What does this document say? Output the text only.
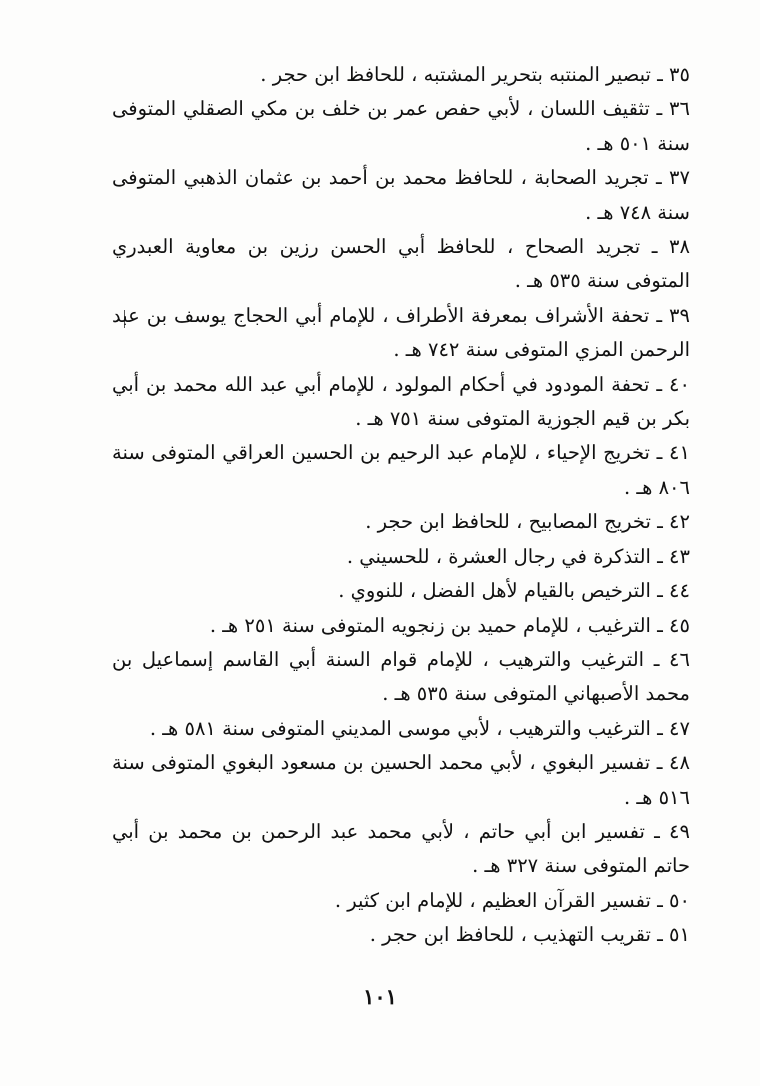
٣٥ ـ تبصير المنتبه بتحرير المشتبه ، للحافظ ابن حجر .

٣٦ ـ تثقيف اللسان ، لأبي حفص عمر بن خلف بن مكي الصقلي المتوفى سنة ٥٠١ هـ .

٣٧ ـ تجريد الصحابة ، للحافظ محمد بن أحمد بن عثمان الذهبي المتوفى سنة ٧٤٨ هـ .

٣٨ ـ تجريد الصحاح ، للحافظ أبي الحسن رزين بن معاوية العبدري المتوفى سنة ٥٣٥ هـ .

٣٩ ـ تحفة الأشراف بمعرفة الأطراف ، للإمام أبي الحجاج يوسف بن عبد الرحمن المزي المتوفى سنة ٧٤٢ هـ .

٤٠ ـ تحفة المودود في أحكام المولود ، للإمام أبي عبد الله محمد بن أبي بكر بن قيم الجوزية المتوفى سنة ٧٥١ هـ .

٤١ ـ تخريج الإحياء ، للإمام عبد الرحيم بن الحسين العراقي المتوفى سنة ٨٠٦ هـ .

٤٢ ـ تخريج المصابيح ، للحافظ ابن حجر .

٤٣ ـ التذكرة في رجال العشرة ، للحسيني .

٤٤ ـ الترخيص بالقيام لأهل الفضل ، للنووي .

٤٥ ـ الترغيب ، للإمام حميد بن زنجويه المتوفى سنة ٢٥١ هـ .

٤٦ ـ الترغيب والترهيب ، للإمام قوام السنة أبي القاسم إسماعيل بن محمد الأصبهاني المتوفى سنة ٥٣٥ هـ .

٤٧ ـ الترغيب والترهيب ، لأبي موسى المديني المتوفى سنة ٥٨١ هـ .

٤٨ ـ تفسير البغوي ، لأبي محمد الحسين بن مسعود البغوي المتوفى سنة ٥١٦ هـ .

٤٩ ـ تفسير ابن أبي حاتم ، لأبي محمد عبد الرحمن بن محمد بن أبي حاتم المتوفى سنة ٣٢٧ هـ .

٥٠ ـ تفسير القرآن العظيم ، للإمام ابن كثير .

٥١ ـ تقريب التهذيب ، للحافظ ابن حجر .

١٠١
